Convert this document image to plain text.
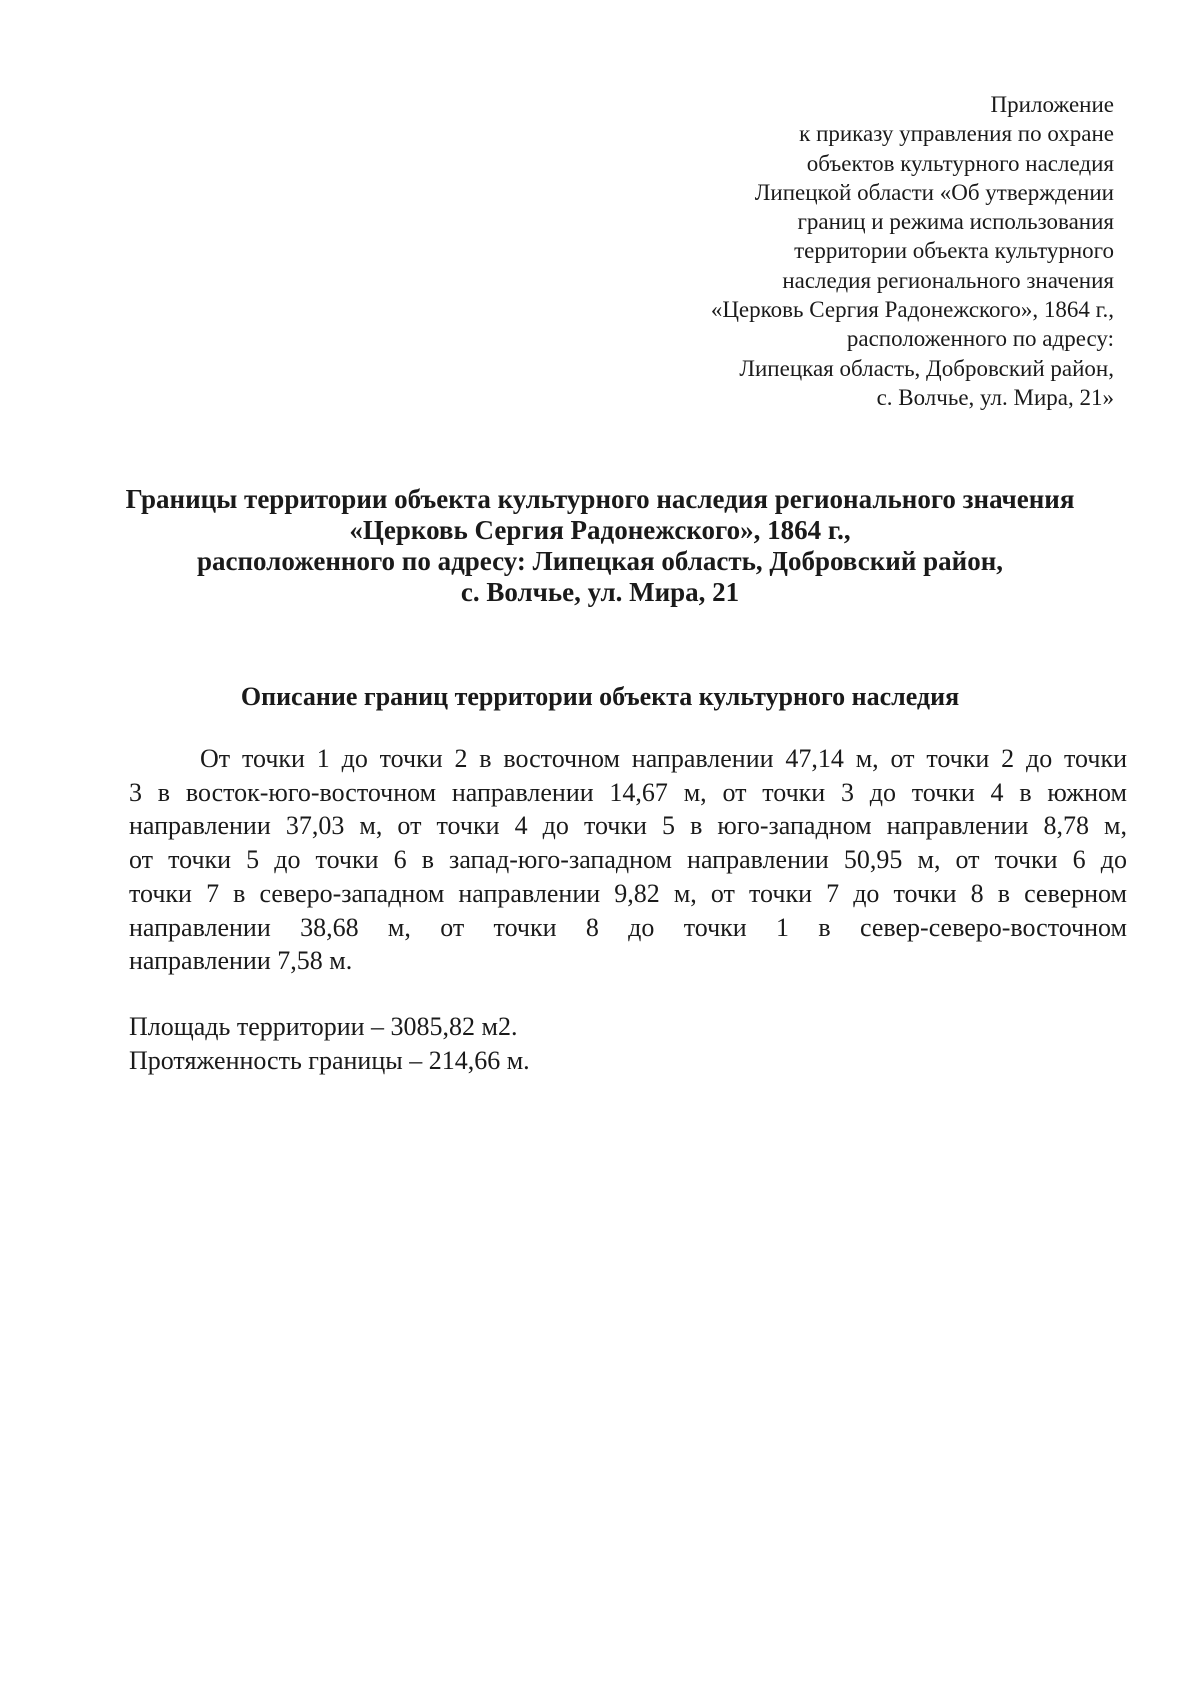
Приложение
к приказу управления по охране
объектов культурного наследия
Липецкой области «Об утверждении
границ и режима использования
территории объекта культурного
наследия регионального значения
«Церковь Сергия Радонежского», 1864 г.,
расположенного по адресу:
Липецкая область, Добровский район,
с. Волчье, ул. Мира, 21»
Границы территории объекта культурного наследия регионального значения
«Церковь Сергия Радонежского», 1864 г.,
расположенного по адресу: Липецкая область, Добровский район,
с. Волчье, ул. Мира, 21
Описание границ территории объекта культурного наследия
От точки 1 до точки 2 в восточном направлении 47,14 м, от точки 2 до точки
3 в восток-юго-восточном направлении 14,67 м, от точки 3 до точки 4 в южном
направлении 37,03 м, от точки 4 до точки 5 в юго-западном направлении 8,78 м,
от точки 5 до точки 6 в запад-юго-западном направлении 50,95 м, от точки 6 до
точки 7 в северо-западном направлении 9,82 м, от точки 7 до точки 8 в северном
направлении 38,68 м, от точки 8 до точки 1 в север-северо-восточном
направлении 7,58 м.
Площадь территории – 3085,82 м2.
Протяженность границы – 214,66 м.
